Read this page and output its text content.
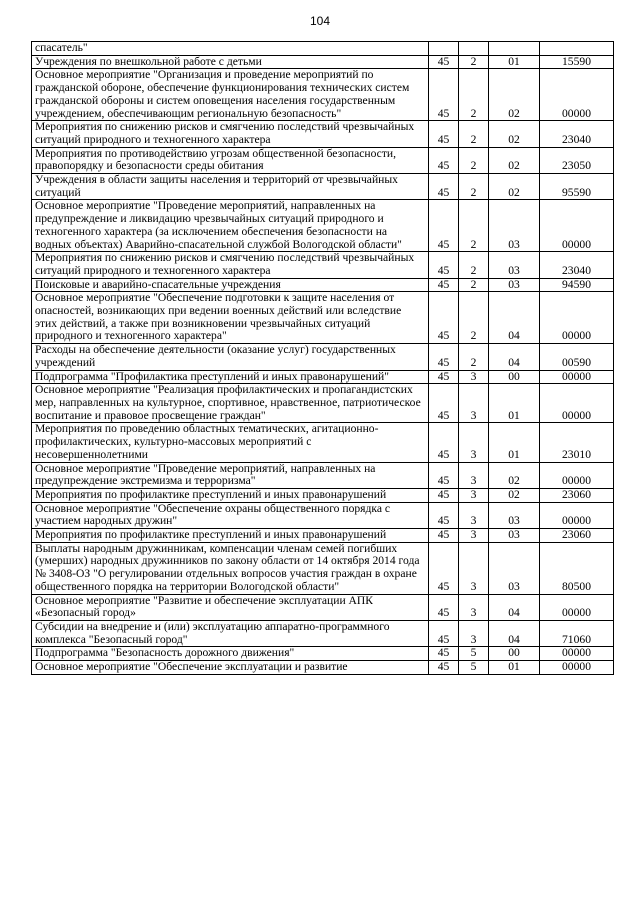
104
спасатель"				
Учреждения по внешкольной работе с детьми	45	2	01	15590
Основное мероприятие "Организация и проведение мероприятий по гражданской обороне, обеспечение функционирования технических систем гражданской обороны и систем оповещения населения государственным учреждением, обеспечивающим региональную безопасность"	45	2	02	00000
Мероприятия по снижению рисков и смягчению последствий чрезвычайных ситуаций природного и техногенного характера	45	2	02	23040
Мероприятия по противодействию угрозам общественной безопасности, правопорядку и безопасности среды обитания	45	2	02	23050
Учреждения в области защиты населения и территорий от чрезвычайных ситуаций	45	2	02	95590
Основное мероприятие "Проведение мероприятий, направленных на предупреждение и ликвидацию чрезвычайных ситуаций природного и техногенного характера (за исключением обеспечения безопасности на водных объектах) Аварийно-спасательной службой Вологодской области"	45	2	03	00000
Мероприятия по снижению рисков и смягчению последствий чрезвычайных ситуаций природного и техногенного характера	45	2	03	23040
Поисковые и аварийно-спасательные учреждения	45	2	03	94590
Основное мероприятие "Обеспечение подготовки к защите населения от опасностей, возникающих при ведении военных действий или вследствие этих действий, а также при возникновении чрезвычайных ситуаций природного и техногенного характера"	45	2	04	00000
Расходы на обеспечение деятельности (оказание услуг) государственных учреждений	45	2	04	00590
Подпрограмма "Профилактика преступлений и иных правонарушений"	45	3	00	00000
Основное мероприятие "Реализация профилактических и пропагандистских мер, направленных на культурное, спортивное, нравственное, патриотическое воспитание и правовое просвещение граждан"	45	3	01	00000
Мероприятия по проведению областных тематических, агитационно-профилактических, культурно-массовых мероприятий с несовершеннолетними	45	3	01	23010
Основное мероприятие "Проведение мероприятий, направленных на предупреждение экстремизма и терроризма"	45	3	02	00000
Мероприятия по профилактике преступлений и иных правонарушений	45	3	02	23060
Основное мероприятие "Обеспечение охраны общественного порядка с участием народных дружин"	45	3	03	00000
Мероприятия по профилактике преступлений и иных правонарушений	45	3	03	23060
Выплаты народным дружинникам, компенсации членам семей погибших (умерших) народных дружинников по закону области от 14 октября 2014 года № 3408-ОЗ "О регулировании отдельных вопросов участия граждан в охране общественного порядка на территории Вологодской области"	45	3	03	80500
Основное мероприятие "Развитие и обеспечение эксплуатации АПК «Безопасный город»	45	3	04	00000
Субсидии на внедрение и (или) эксплуатацию аппаратно-программного комплекса "Безопасный город"	45	3	04	71060
Подпрограмма "Безопасность дорожного движения"	45	5	00	00000
Основное мероприятие "Обеспечение эксплуатации и развитие	45	5	01	00000
